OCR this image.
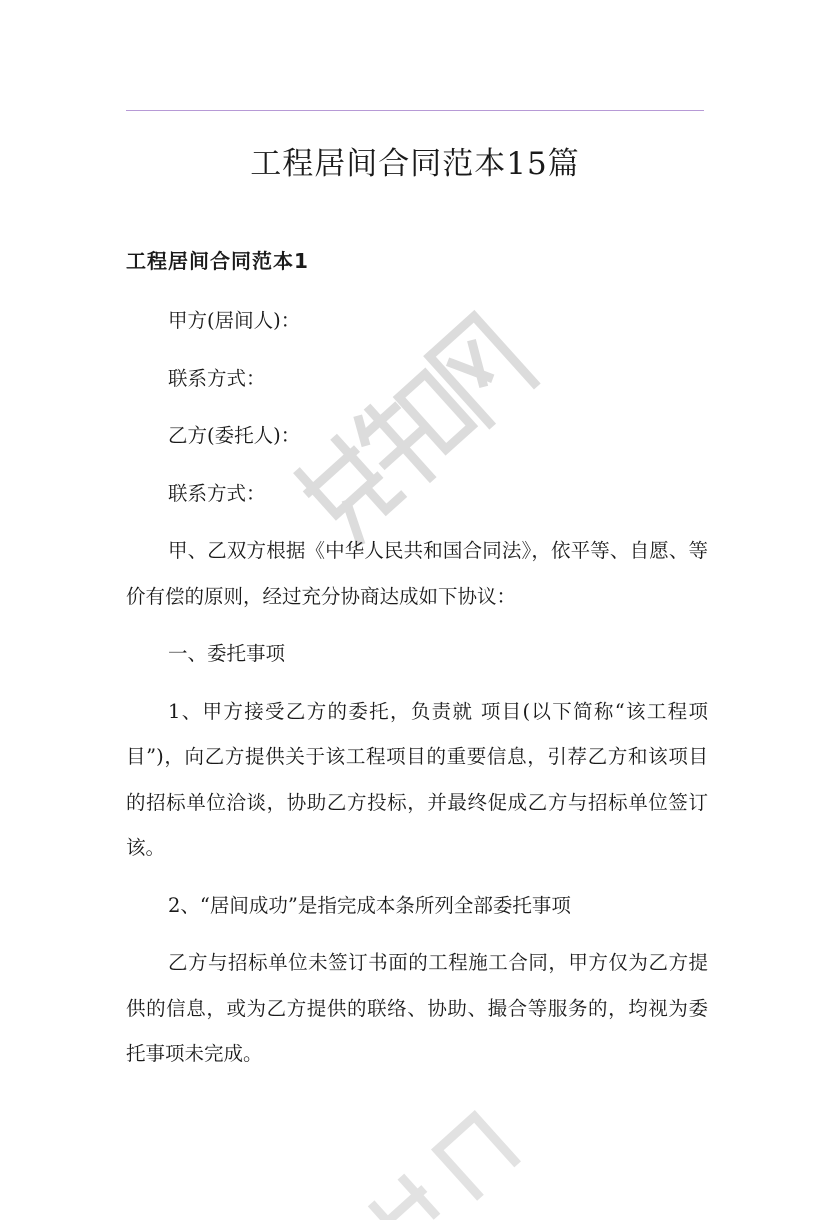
工程居间合同范本15篇
工程居间合同范本1

甲方(居间人)：

联系方式：

乙方(委托人)：

联系方式：

甲、乙双方根据《中华人民共和国合同法》，依平等、自愿、等价有偿的原则，经过充分协商达成如下协议：

一、委托事项

1、甲方接受乙方的委托，负责就 项目(以下简称“该工程项目”)，向乙方提供关于该工程项目的重要信息，引荐乙方和该项目的招标单位洽谈，协助乙方投标，并最终促成乙方与招标单位签订该。

2、“居间成功”是指完成本条所列全部委托事项

乙方与招标单位未签订书面的工程施工合同，甲方仅为乙方提供的信息，或为乙方提供的联络、协助、撮合等服务的，均视为委托事项未完成。
